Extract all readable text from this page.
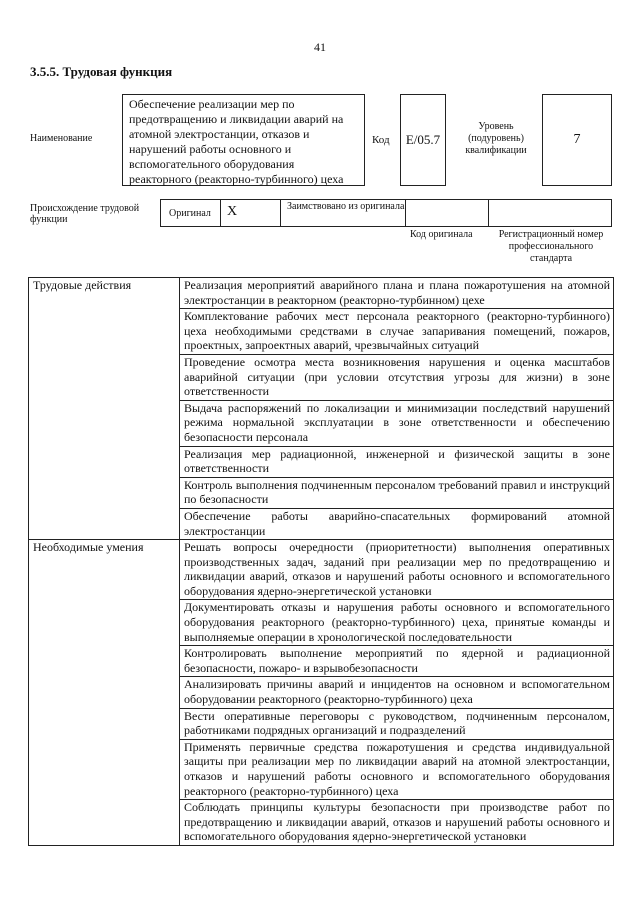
41
3.5.5. Трудовая функция
Наименование
Обеспечение реализации мер по предотвращению и ликвидации аварий на атомной электростанции, отказов и нарушений работы основного и вспомогательного оборудования реакторного (реакторно-турбинного) цеха
Код E/05.7
Уровень (подуровень) квалификации
7
Происхождение трудовой функции
Оригинал	X	Заимствовано из оригинала
Код оригинала	Регистрационный номер профессионального стандарта
Трудовые действия	Реализация мероприятий аварийного плана и плана пожаротушения на атомной электростанции в реакторном (реакторно-турбинном) цехе
	Комплектование рабочих мест персонала реакторного (реакторно-турбинного) цеха необходимыми средствами в случае запаривания помещений, пожаров, проектных, запроектных аварий, чрезвычайных ситуаций
	Проведение осмотра места возникновения нарушения и оценка масштабов аварийной ситуации (при условии отсутствия угрозы для жизни) в зоне ответственности
	Выдача распоряжений по локализации и минимизации последствий нарушений режима нормальной эксплуатации в зоне ответственности и обеспечению безопасности персонала
	Реализация мер радиационной, инженерной и физической защиты в зоне ответственности
	Контроль выполнения подчиненным персоналом требований правил и инструкций по безопасности
	Обеспечение работы аварийно-спасательных формирований атомной электростанции
Необходимые умения	Решать вопросы очередности (приоритетности) выполнения оперативных производственных задач, заданий при реализации мер по предотвращению и ликвидации аварий, отказов и нарушений работы основного и вспомогательного оборудования ядерно-энергетической установки
	Документировать отказы и нарушения работы основного и вспомогательного оборудования реакторного (реакторно-турбинного) цеха, принятые команды и выполняемые операции в хронологической последовательности
	Контролировать выполнение мероприятий по ядерной и радиационной безопасности, пожаро- и взрывобезопасности
	Анализировать причины аварий и инцидентов на основном и вспомогательном оборудовании реакторного (реакторно-турбинного) цеха
	Вести оперативные переговоры с руководством, подчиненным персоналом, работниками подрядных организаций и подразделений
	Применять первичные средства пожаротушения и средства индивидуальной защиты при реализации мер по ликвидации аварий на атомной электростанции, отказов и нарушений работы основного и вспомогательного оборудования реакторного (реакторно-турбинного) цеха
	Соблюдать принципы культуры безопасности при производстве работ по предотвращению и ликвидации аварий, отказов и нарушений работы основного и вспомогательного оборудования ядерно-энергетической установки
